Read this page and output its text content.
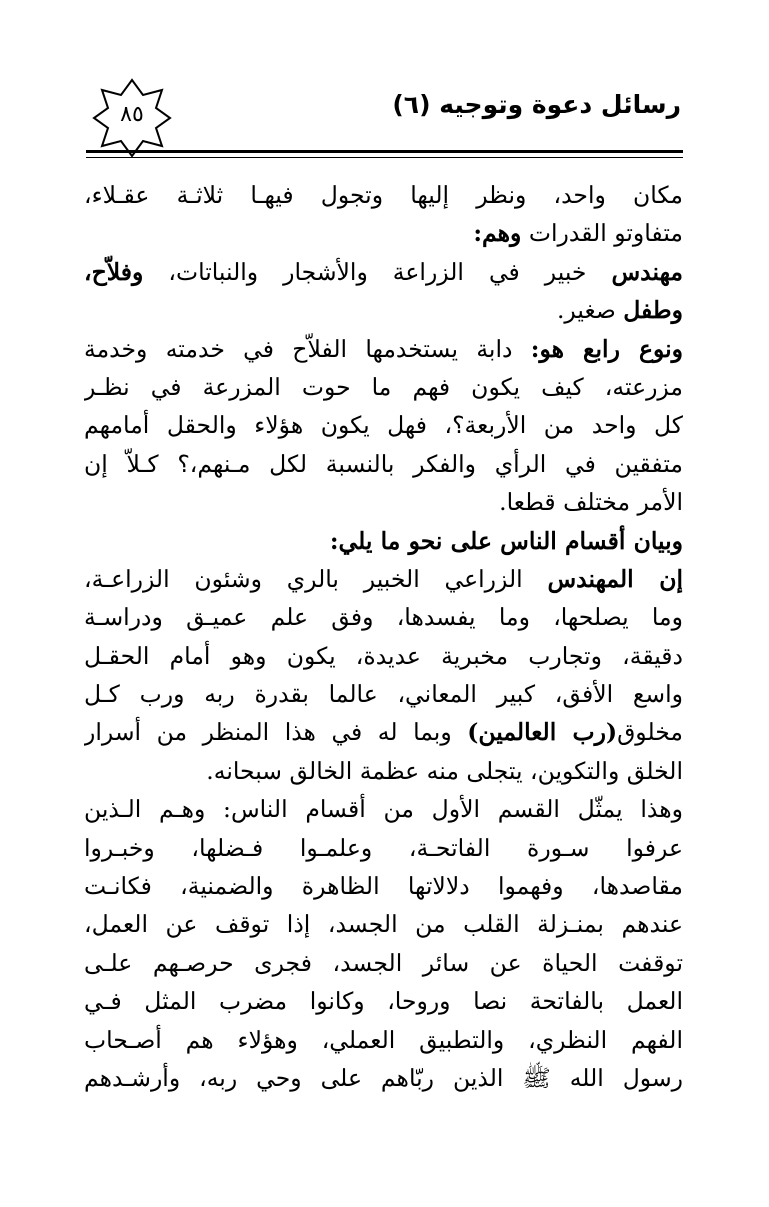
رسائل دعوة وتوجيه (٦)
٨٥
مكان واحد، ونظر إليها وتجول فيهـا ثلاثـة عقـلاء،
متفاوتو القدرات وهم:
مهندس خبير في الزراعة والأشجار والنباتات، وفلاّح،
وطفل صغير.
ونوع رابع هو: دابة يستخدمها الفلاّح في خدمته وخدمة
مزرعته، كيف يكون فهم ما حوت المزرعة في نظـر
كل واحد من الأربعة؟، فهل يكون هؤلاء والحقل أمامهم
متفقين في الرأي والفكر بالنسبة لكل مـنهم،؟ كـلاّ إن
الأمر مختلف قطعا.
وبيان أقسام الناس على نحو ما يلي:
إن المهندس الزراعي الخبير بالري وشئون الزراعـة،
وما يصلحها، وما يفسدها، وفق علم عميـق ودراسـة
دقيقة، وتجارب مخبرية عديدة، يكون وهو أمام الحقـل
واسع الأفق، كبير المعاني، عالما بقدرة ربه ورب كـل
مخلوق(رب العالمين) وبما له في هذا المنظر من أسرار
الخلق والتكوين، يتجلى منه عظمة الخالق سبحانه.
وهذا يمثّل القسم الأول من أقسام الناس: وهـم الـذين
عرفوا سـورة الفاتحـة، وعلمـوا فـضلها، وخبـروا
مقاصدها، وفهموا دلالاتها الظاهرة والضمنية، فكانـت
عندهم بمنـزلة القلب من الجسد، إذا توقف عن العمل،
توقفت الحياة عن سائر الجسد، فجرى حرصـهم علـى
العمل بالفاتحة نصا وروحا، وكانوا مضرب المثل فـي
الفهم النظري، والتطبيق العملي، وهؤلاء هم أصـحاب
رسول الله ﷺ الذين ربّاهم على وحي ربه، وأرشـدهم
